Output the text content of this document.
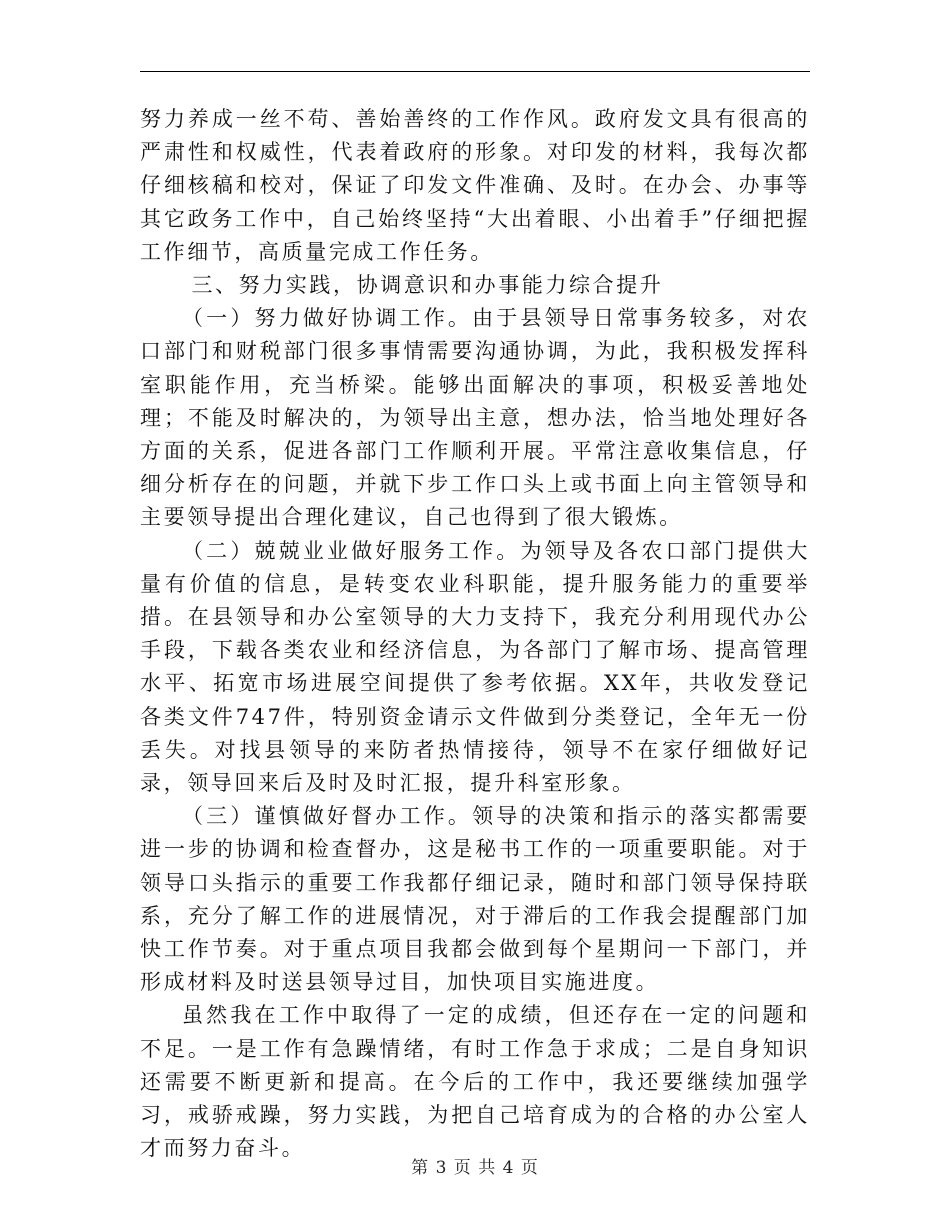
努力养成一丝不苟、善始善终的工作作风。政府发文具有很高的严肃性和权威性，代表着政府的形象。对印发的材料，我每次都仔细核稿和校对，保证了印发文件准确、及时。在办会、办事等其它政务工作中，自己始终坚持“大出着眼、小出着手”仔细把握工作细节，高质量完成工作任务。

三、努力实践，协调意识和办事能力综合提升

（一）努力做好协调工作。由于县领导日常事务较多，对农口部门和财税部门很多事情需要沟通协调，为此，我积极发挥科室职能作用，充当桥梁。能够出面解决的事项，积极妥善地处理；不能及时解决的，为领导出主意，想办法，恰当地处理好各方面的关系，促进各部门工作顺利开展。平常注意收集信息，仔细分析存在的问题，并就下步工作口头上或书面上向主管领导和主要领导提出合理化建议，自己也得到了很大锻炼。

（二）兢兢业业做好服务工作。为领导及各农口部门提供大量有价值的信息，是转变农业科职能，提升服务能力的重要举措。在县领导和办公室领导的大力支持下，我充分利用现代办公手段，下载各类农业和经济信息，为各部门了解市场、提高管理水平、拓宽市场进展空间提供了参考依据。XX年，共收发登记各类文件747件，特别资金请示文件做到分类登记，全年无一份丢失。对找县领导的来防者热情接待，领导不在家仔细做好记录，领导回来后及时及时汇报，提升科室形象。

（三）谨慎做好督办工作。领导的决策和指示的落实都需要进一步的协调和检查督办，这是秘书工作的一项重要职能。对于领导口头指示的重要工作我都仔细记录，随时和部门领导保持联系，充分了解工作的进展情况，对于滞后的工作我会提醒部门加快工作节奏。对于重点项目我都会做到每个星期问一下部门，并形成材料及时送县领导过目，加快项目实施进度。

虽然我在工作中取得了一定的成绩，但还存在一定的问题和不足。一是工作有急躁情绪，有时工作急于求成；二是自身知识还需要不断更新和提高。在今后的工作中，我还要继续加强学习，戒骄戒躁，努力实践，为把自己培育成为的合格的办公室人才而努力奋斗。

第 3 页 共 4 页
